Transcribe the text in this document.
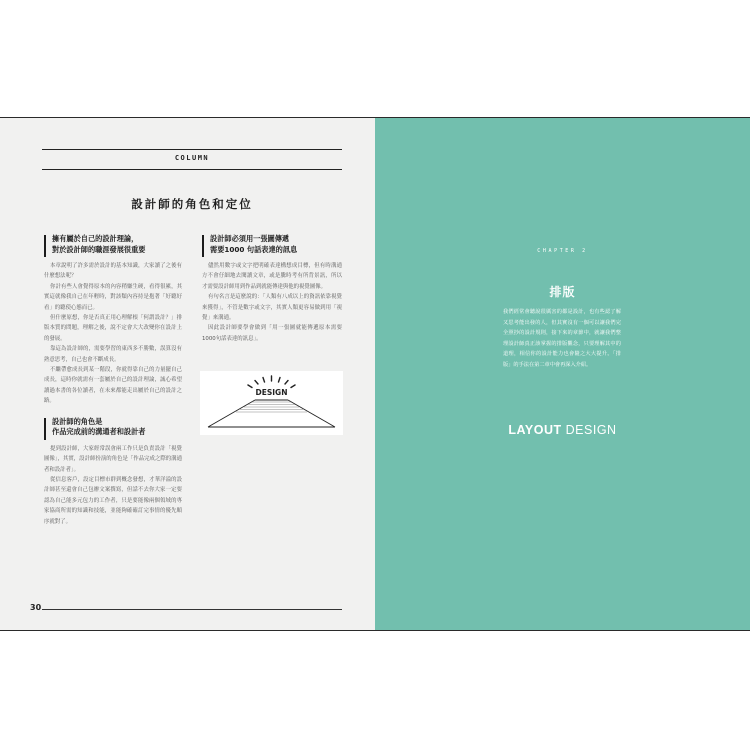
COLUMN
設計師的角色和定位
擁有屬於自己的設計理論，
對於設計師的職涯發展很重要

本章說明了許多需於設計的基本知識，大家讀了之後有什麼想法呢？

你計有些人會覺得原本的內容稍嫌生硬，看得很累，其實這就像我自己在年輕時，對該類內容持是抱著「好聽好看」的聽使心態而已。

但什麼原想，你是否真正用心理解根「何謂設計？」排版本質的問題，理解之後，說不定會大大改變你在設計上的發展。

靠這為設計師的，需要學習的東西多不勝數，誤算沒有熟意思考，自己也會不斷成長。

不繼帶愈成長到某一階段，你就得靠自己的力量擺自己成長，這時你就需有一套屬於自己的設計理論，誠心希望讀過本書的各位讀者，在未來都能走出屬於自己的設計之路。

設計師的角色是
作品完成前的溝通者和設計者

提到設計師，大家經常誤會兩工作只是負責設計「視覺圖像」，其實，設計師扮演的角色是「作品完成之際的溝通者和設計者」。

從信息客戶，設定目標市群到概念發想，才華洋溢的設計師甚至還會自己包辦文案撰寫，但話不去你大家一定要認為自己能多元包力的工作者，只是要能像兩個領域的專家協商所需的知識和技能，並能夠確確訂完事情的優先順序就對了。

設計師必須用一張圖傳遞
需要1000 句話表達的訊息

儘然用數字或文字把明確表達構想成目標，但有時溝通方不會仔細地去閱讀文章，或是騰時考有所背景訊，所以才需要設計師用到作品到就能傳達與他的視覺圖像。

有句名言是這麼說的：「人類有八成以上的資訊依靠視覺來獲得」，不管是數字或文字，其實人類更容易做到用「視覺」來溝通。

因此設計師要學會做到「用一張圖就能傳遞原本需要1000句話表達的訊息」。

DESIGN
30
CHAPTER 2
排版
我們經常會聽說很厲害的都是設計，也有些認了解又思考能出發的人，但其實沒有一個可以讓我們完全照抄的設計規則，接下來的章節中，就讓我們整理設計師真正該掌握的排版觀念，只要理解其中的道理，相信你的設計能力也會隨之大大提升。「排版」的手法在第二章中會再深入介紹。
LAYOUT DESIGN
